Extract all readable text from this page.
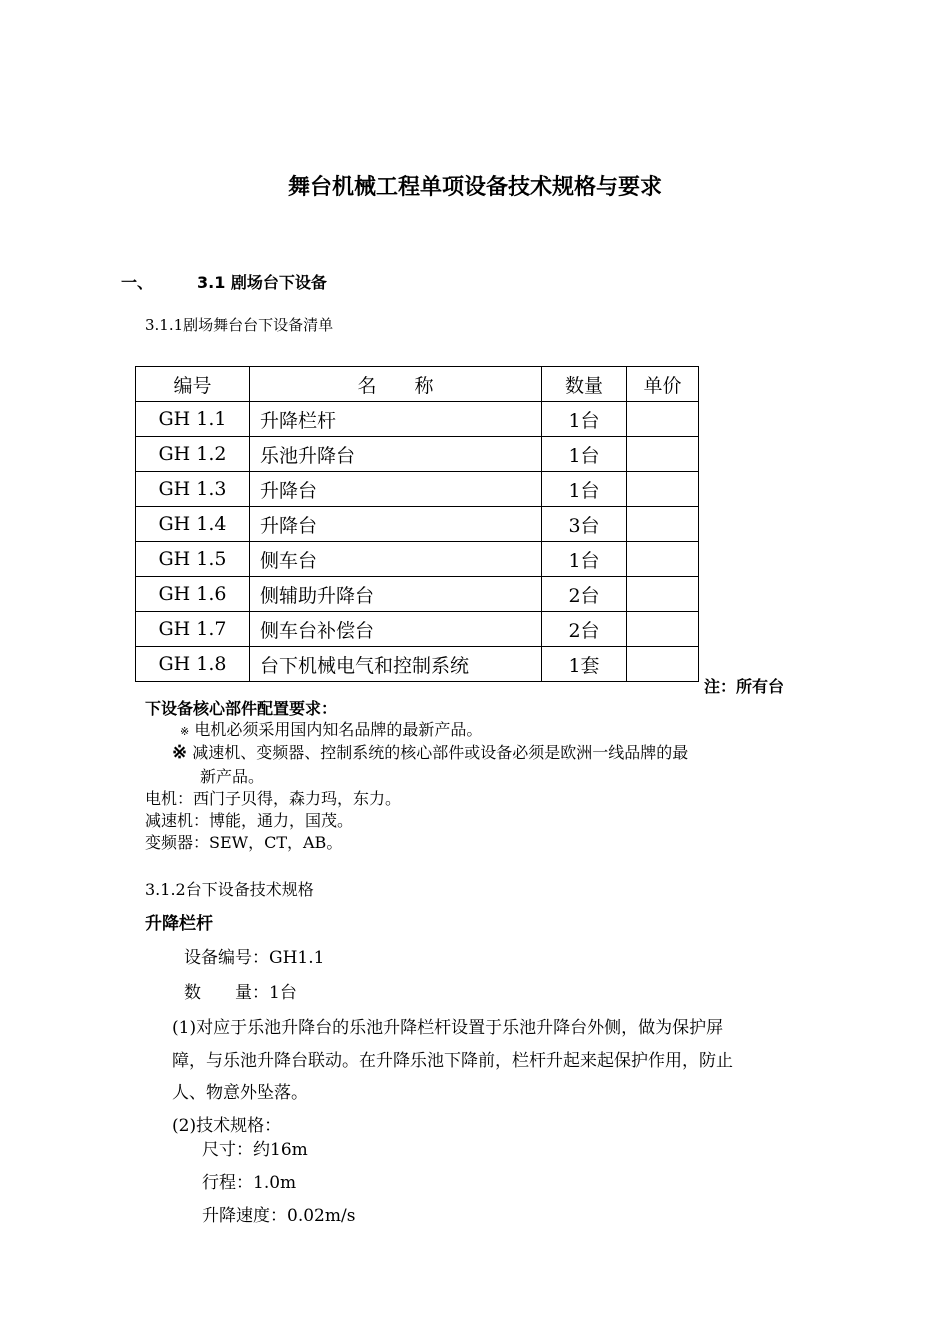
舞台机械工程单项设备技术规格与要求
一、	3.1 剧场台下设备
3.1.1剧场舞台台下设备清单
编号	名　　称	数量	单价
GH 1.1	升降栏杆	1台	
GH 1.2	乐池升降台	1台	
GH 1.3	升降台	1台	
GH 1.4	升降台	3台	
GH 1.5	侧车台	1台	
GH 1.6	侧辅助升降台	2台	
GH 1.7	侧车台补偿台	2台	
GH 1.8	台下机械电气和控制系统	1套	
注：所有台
下设备核心部件配置要求：
※ 电机必须采用国内知名品牌的最新产品。
※ 减速机、变频器、控制系统的核心部件或设备必须是欧洲一线品牌的最
新产品。
电机：西门子贝得，森力玛，东力。
减速机：博能，通力，国茂。
变频器：SEW，CT，AB。
3.1.2台下设备技术规格
升降栏杆
设备编号：GH1.1
数　　量：1台
(1)对应于乐池升降台的乐池升降栏杆设置于乐池升降台外侧，做为保护屏
障，与乐池升降台联动。在升降乐池下降前，栏杆升起来起保护作用，防止
人、物意外坠落。
(2)技术规格：
尺寸：约16m
行程：1.0m
升降速度：0.02m/s
